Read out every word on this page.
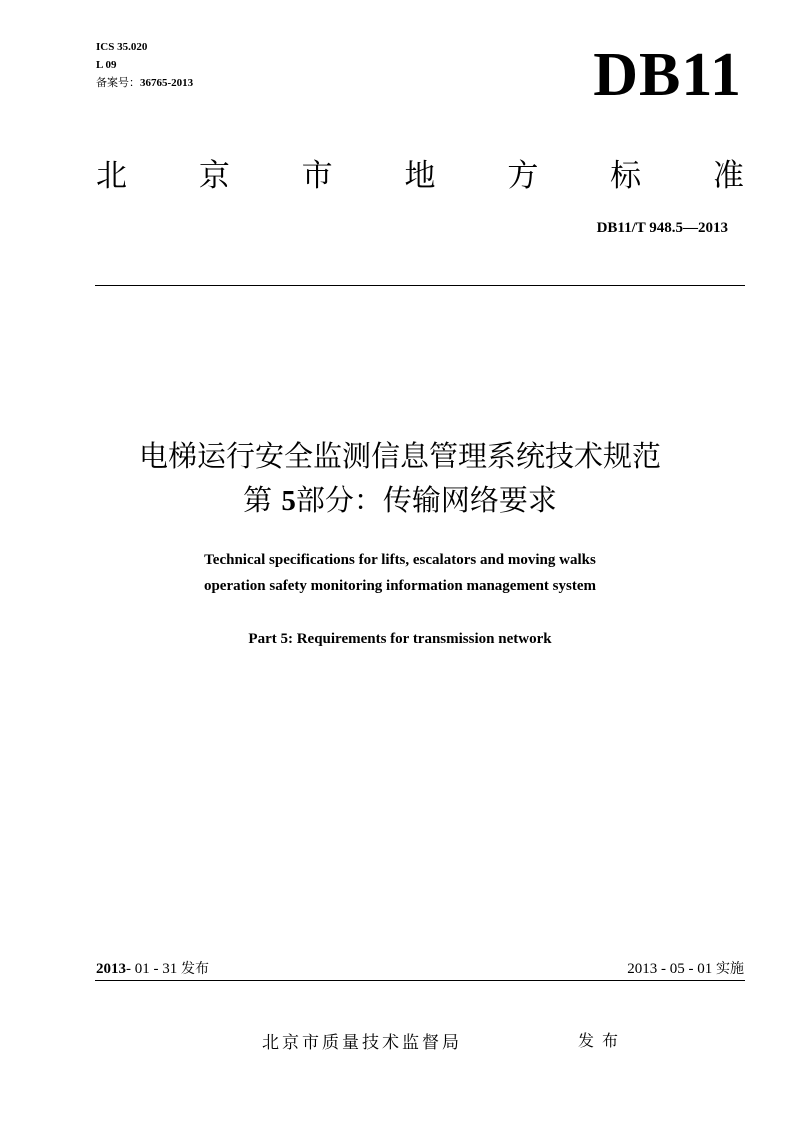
ICS 35.020
L 09
备案号：36765-2013	DB11
北 京 市 地 方 标 准
DB11/T 948.5—2013
电梯运行安全监测信息管理系统技术规范
第 5部分：传输网络要求
Technical specifications for lifts, escalators and moving walks
operation safety monitoring information management system
Part 5: Requirements for transmission network
2013- 01 - 31 发布	2013 - 05 - 01 实施
北京市质量技术监督局	发布
